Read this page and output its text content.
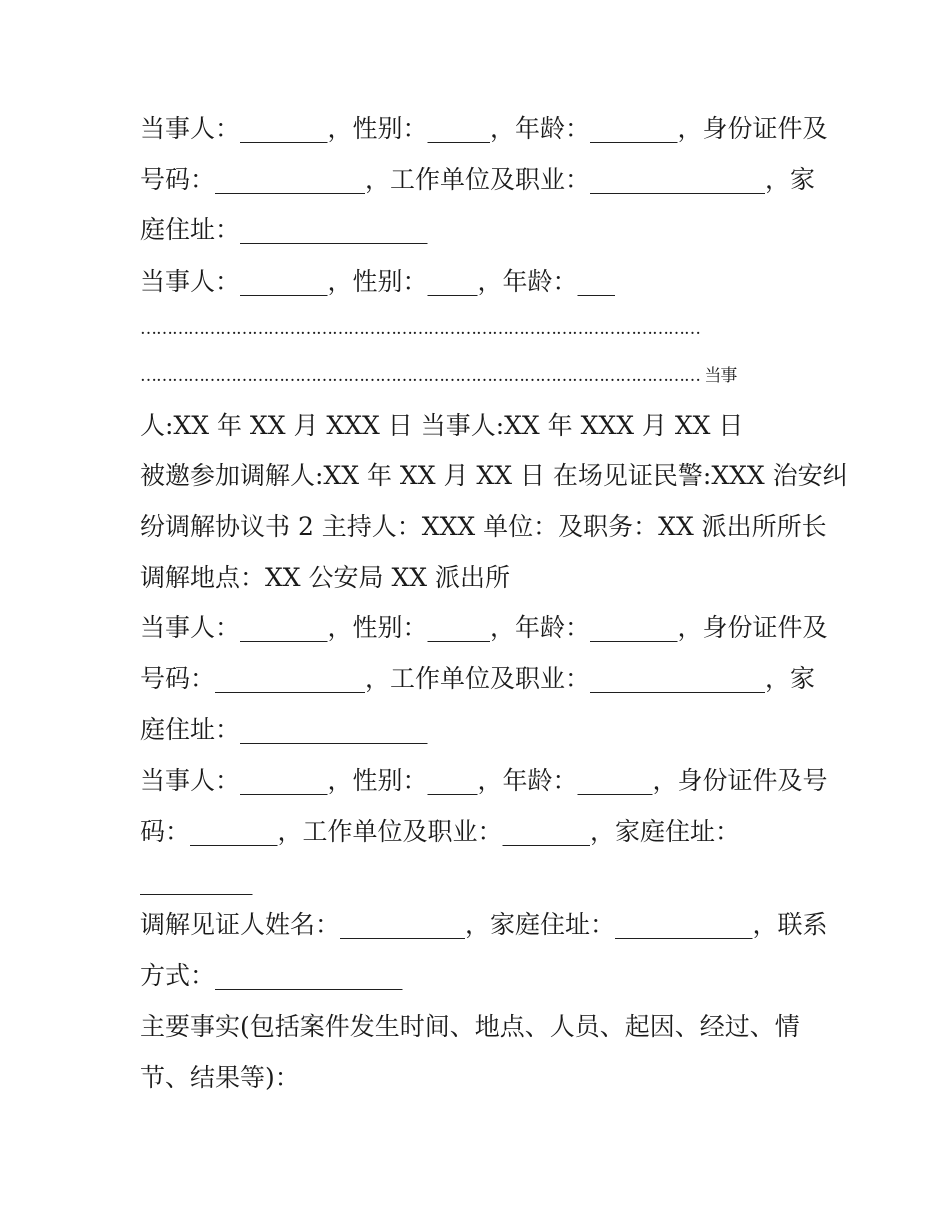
当事人：_______，性别：_____，年龄：_______，身份证件及
号码：____________，工作单位及职业：______________，家
庭住址：_______________
当事人：_______，性别：____，年龄：___
……………………………………………………………………………………………
…………………………………………………………………………………………… 当事
人:XX 年 XX 月 XXX 日 当事人:XX 年 XXX 月 XX 日
被邀参加调解人:XX 年 XX 月 XX 日 在场见证民警:XXX 治安纠
纷调解协议书 2 主持人：XXX 单位：及职务：XX 派出所所长
调解地点：XX 公安局 XX 派出所
当事人：_______，性别：_____，年龄：_______，身份证件及
号码：____________，工作单位及职业：______________，家
庭住址：_______________
当事人：_______，性别：____，年龄：______，身份证件及号
码：_______，工作单位及职业：_______，家庭住址：
_________
调解见证人姓名：__________，家庭住址：___________，联系
方式：_______________
主要事实(包括案件发生时间、地点、人员、起因、经过、情
节、结果等)：
